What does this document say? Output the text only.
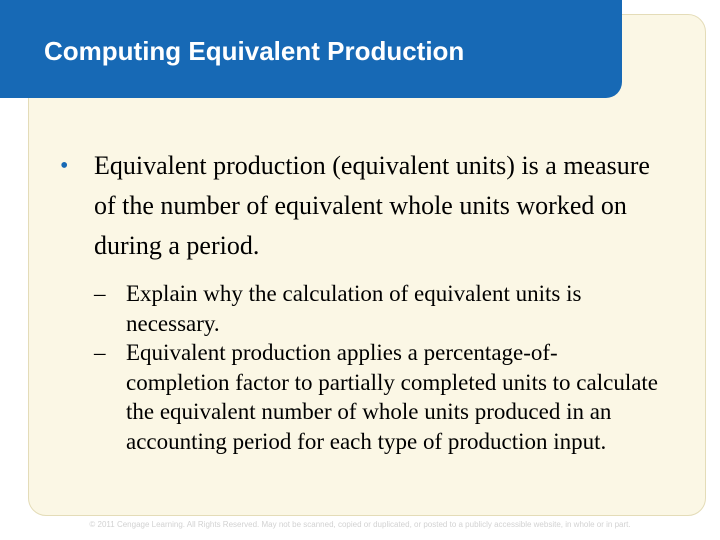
Computing Equivalent Production
• Equivalent production (equivalent units) is a measure of the number of equivalent whole units worked on during a period.
– Explain why the calculation of equivalent units is necessary.
– Equivalent production applies a percentage-of-completion factor to partially completed units to calculate the equivalent number of whole units produced in an accounting period for each type of production input.
© 2011 Cengage Learning. All Rights Reserved. May not be scanned, copied or duplicated, or posted to a publicly accessible website, in whole or in part.
